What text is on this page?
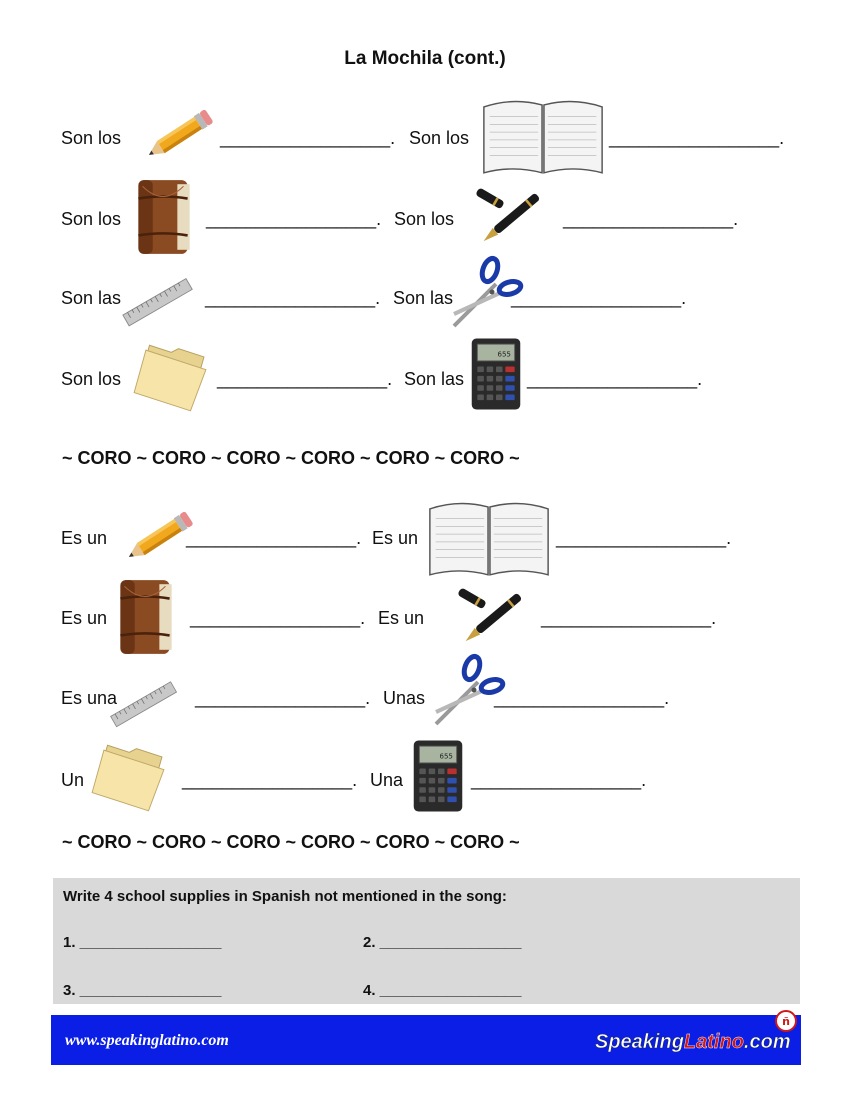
La Mochila (cont.)
Son los	_________________. Son los	_________________.
Son los	_________________. Son los	_________________.
Son las	_________________. Son las	_________________.
Son los	_________________. Son las	_________________.
~ CORO ~ CORO ~ CORO ~ CORO ~ CORO ~ CORO ~
Es un	_________________. Es un	_________________.
Es un	_________________. Es un	_________________.
Es una	_________________. Unas	_________________.
Un	_________________. Una	_________________.
~ CORO ~ CORO ~ CORO ~ CORO ~ CORO ~ CORO ~
Write 4 school supplies in Spanish not mentioned in the song:
1. _________________	2. _________________
3. _________________	4. _________________
www.speakinglatino.com
ñ
SpeakingLatino.com
